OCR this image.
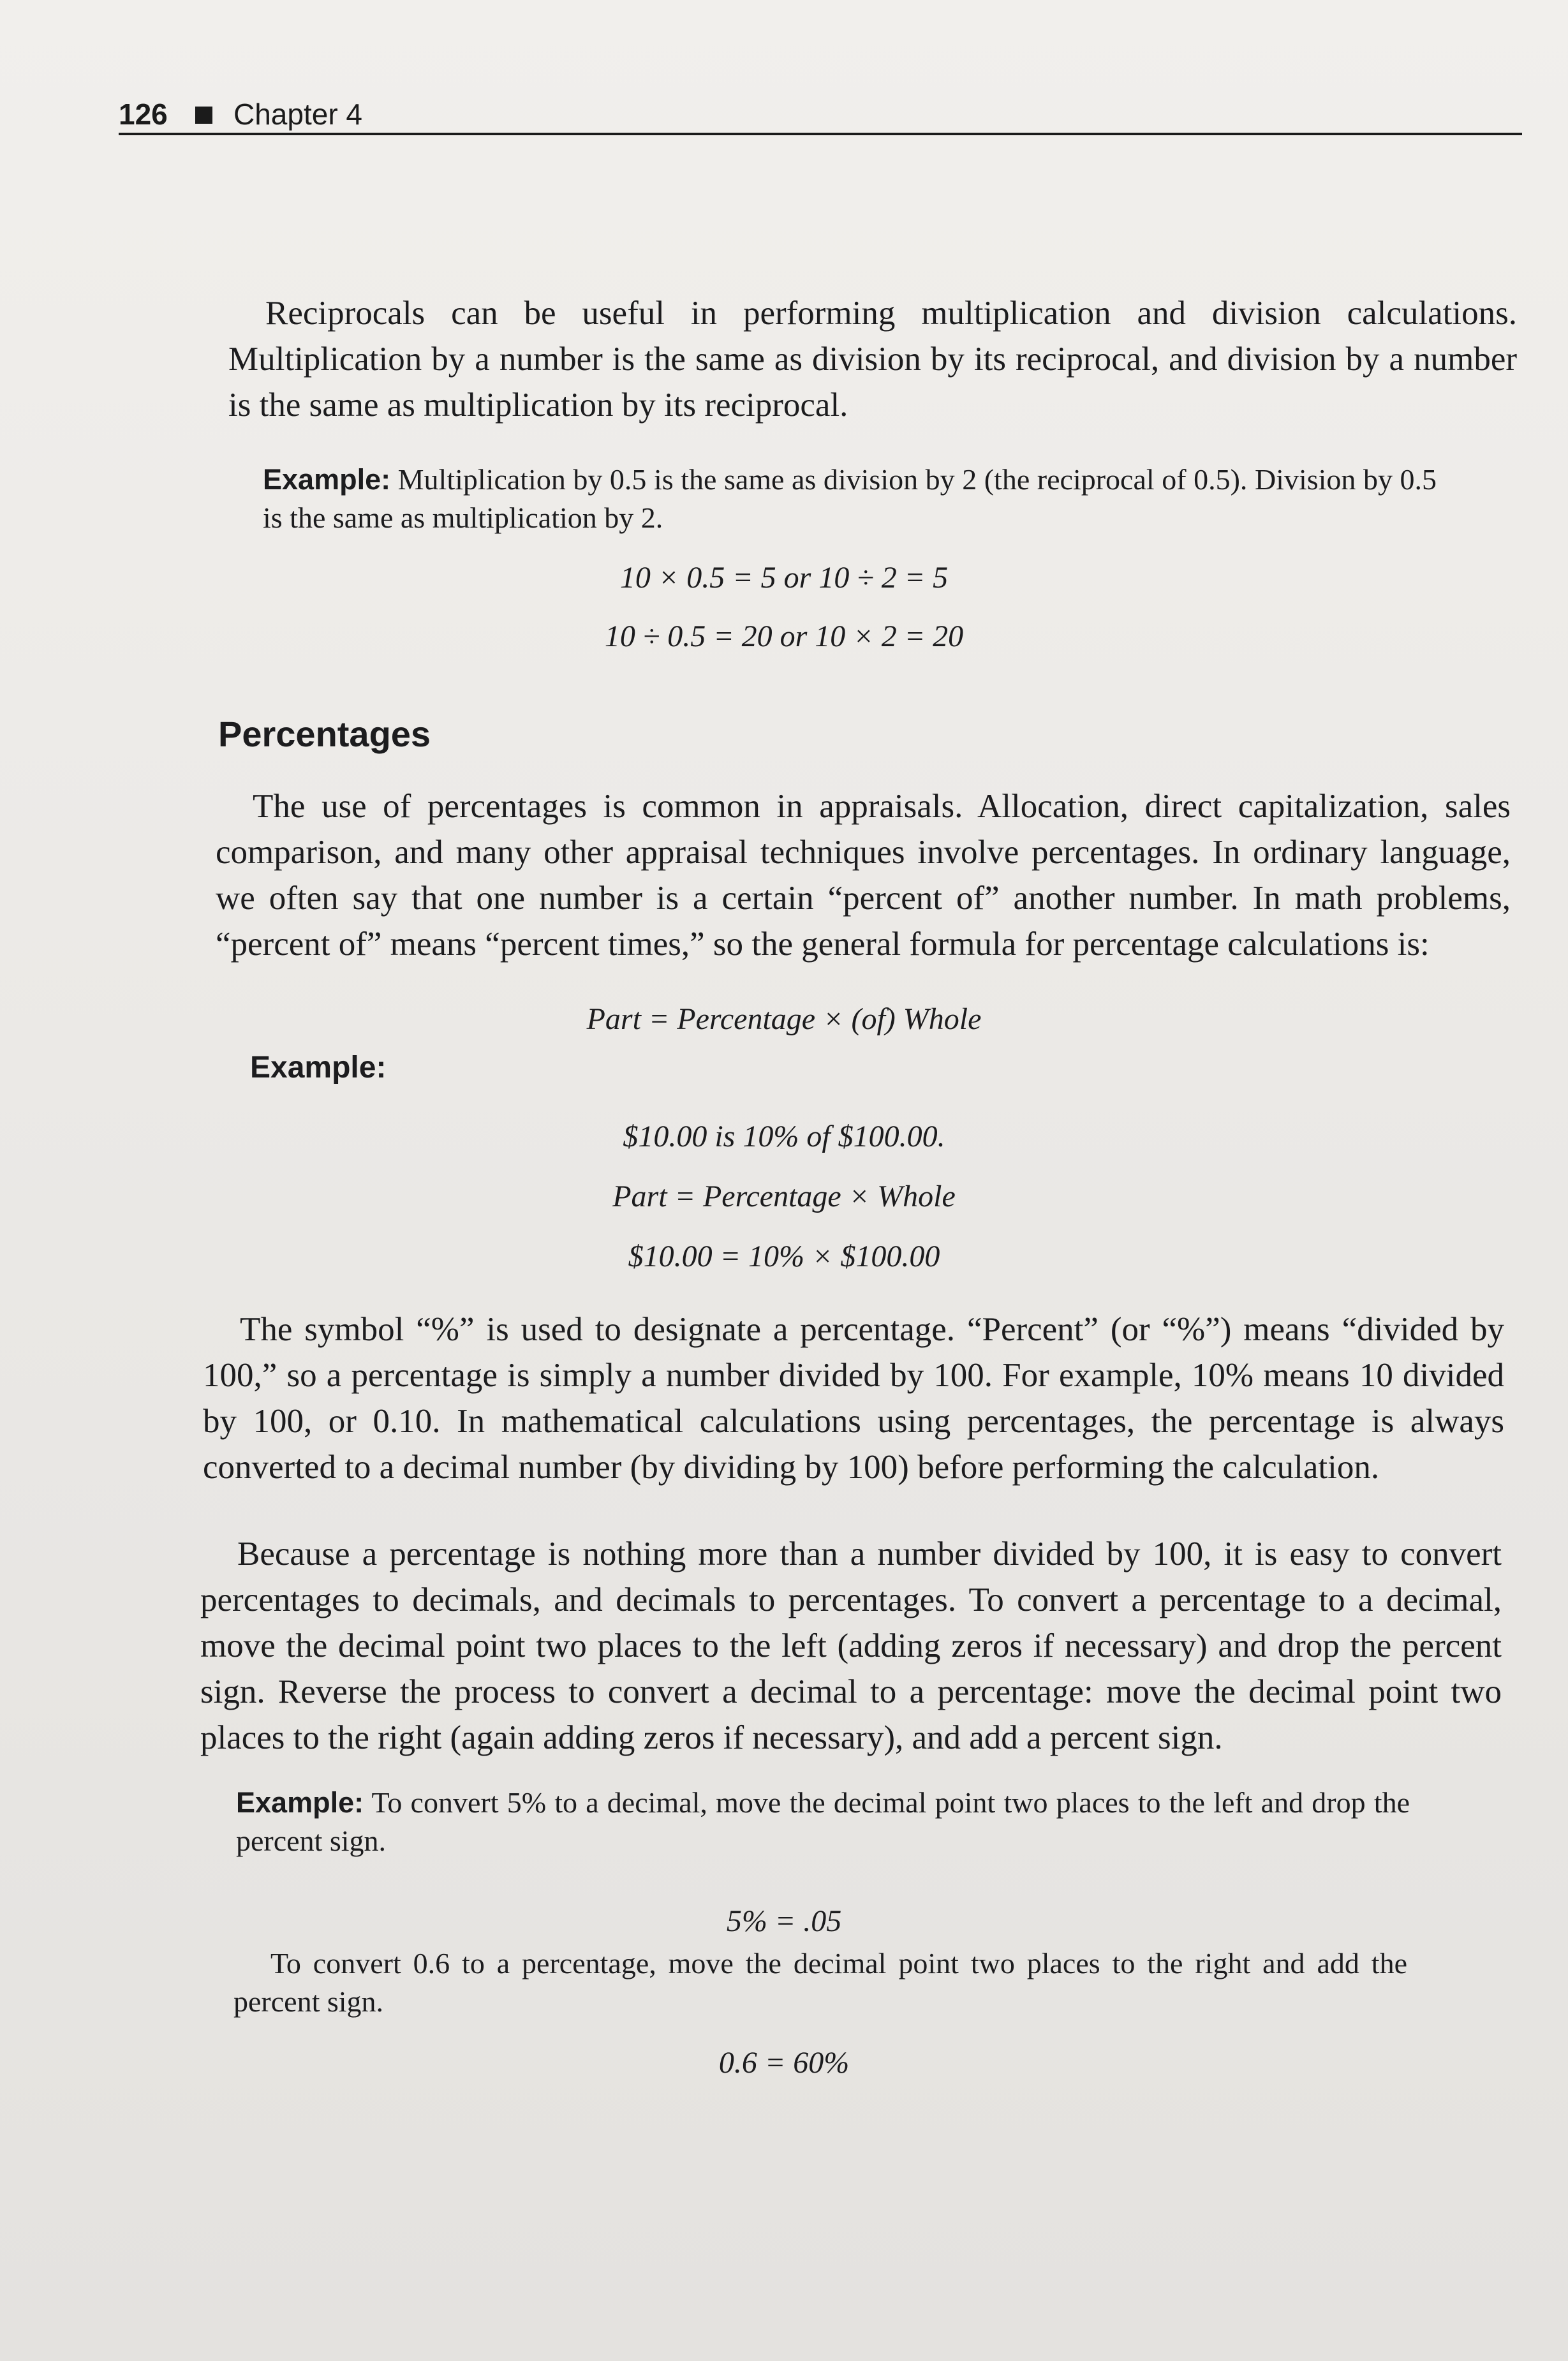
126 Chapter 4

Reciprocals can be useful in performing multiplication and division calculations. Multiplication by a number is the same as division by its reciprocal, and division by a number is the same as multiplication by its reciprocal.

Example: Multiplication by 0.5 is the same as division by 2 (the reciprocal of 0.5). Division by 0.5 is the same as multiplication by 2.

10 × 0.5 = 5 or 10 ÷ 2 = 5
10 ÷ 0.5 = 20 or 10 × 2 = 20
Percentages

The use of percentages is common in appraisals. Allocation, direct capitalization, sales comparison, and many other appraisal techniques involve percentages. In ordinary language, we often say that one number is a certain “percent of” another number. In math problems, “percent of” means “percent times,” so the general formula for percentage calculations is:

Part = Percentage × (of) Whole
Example:
$10.00 is 10% of $100.00.
Part = Percentage × Whole
$10.00 = 10% × $100.00

The symbol “%” is used to designate a percentage. “Percent” (or “%”) means “divided by 100,” so a percentage is simply a number divided by 100. For example, 10% means 10 divided by 100, or 0.10. In mathematical calculations using percentages, the percentage is always converted to a decimal number (by dividing by 100) before performing the calculation.

Because a percentage is nothing more than a number divided by 100, it is easy to convert percentages to decimals, and decimals to percentages. To convert a percentage to a decimal, move the decimal point two places to the left (adding zeros if necessary) and drop the percent sign. Reverse the process to convert a decimal to a percentage: move the decimal point two places to the right (again adding zeros if necessary), and add a percent sign.

Example: To convert 5% to a decimal, move the decimal point two places to the left and drop the percent sign.

5% = .05

To convert 0.6 to a percentage, move the decimal point two places to the right and add the percent sign.

0.6 = 60%
